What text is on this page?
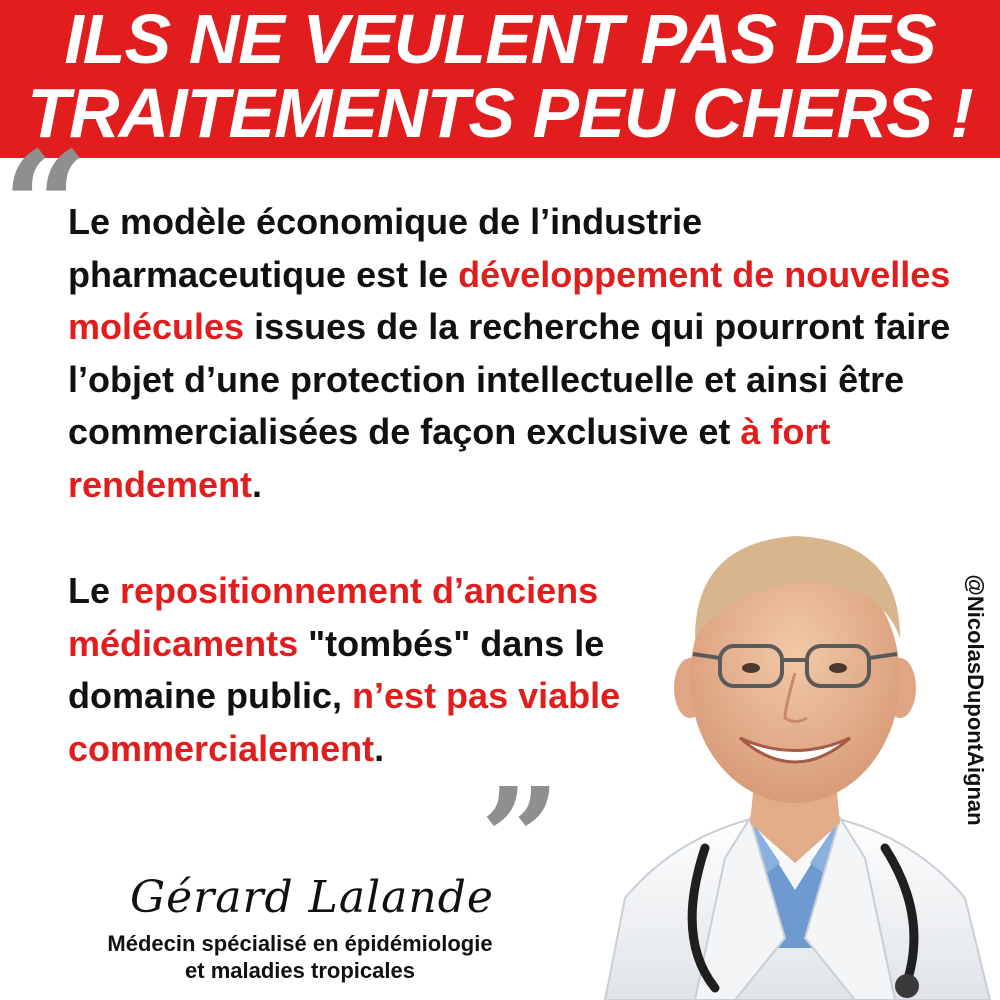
ILS NE VEULENT PAS DES
TRAITEMENTS PEU CHERS !
“

Le modèle économique de l’industrie pharmaceutique est le développement de nouvelles molécules issues de la recherche qui pourront faire l’objet d’une protection intellectuelle et ainsi être commercialisées de façon exclusive et à fort rendement.

Le repositionnement d’anciens médicaments "tombés" dans le domaine public, n’est pas viable commercialement.

”
@NicolasDupontAignan
Gérard Lalande
Médecin spécialisé en épidémiologie
et maladies tropicales
